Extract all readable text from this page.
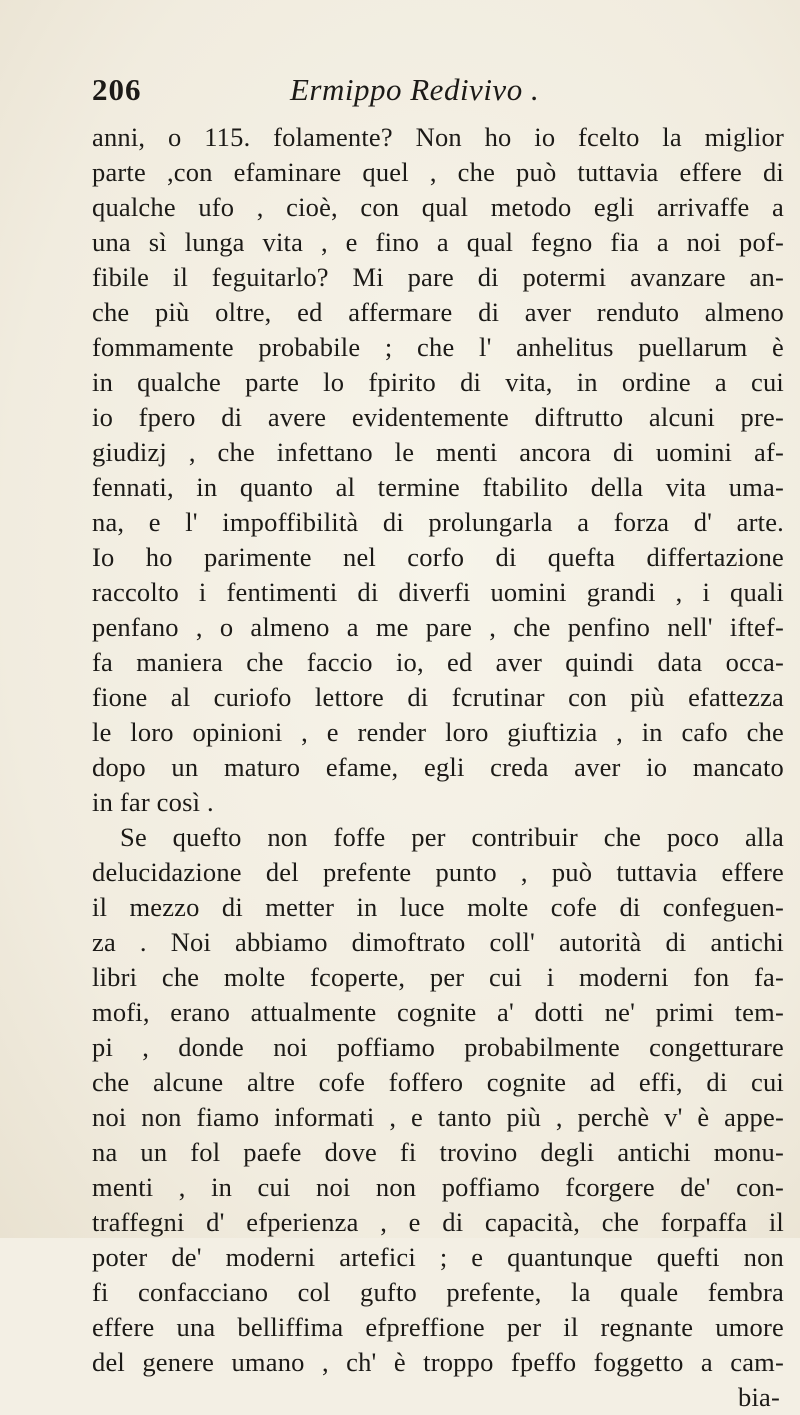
206	Ermippo Redivivo .
anni, o 115. folamente? Non ho io fcelto la miglior
parte ,con efaminare quel , che può tuttavia effere di
qualche ufo , cioè, con qual metodo egli arrivaffe a
una sì lunga vita , e fino a qual fegno fia a noi pof-
fibile il feguitarlo? Mi pare di potermi avanzare an-
che più oltre, ed affermare di aver renduto almeno
fommamente probabile ; che l' anhelitus puellarum è
in qualche parte lo fpirito di vita, in ordine a cui
io fpero di avere evidentemente diftrutto alcuni pre-
giudizj , che infettano le menti ancora di uomini af-
fennati, in quanto al termine ftabilito della vita uma-
na, e l' impoffibilità di prolungarla a forza d' arte.
Io ho parimente nel corfo di quefta differtazione
raccolto i fentimenti di diverfi uomini grandi , i quali
penfano , o almeno a me pare , che penfino nell' iftef-
fa maniera che faccio io, ed aver quindi data occa-
fione al curiofo lettore di fcrutinar con più efattezza
le loro opinioni , e render loro giuftizia , in cafo che
dopo un maturo efame, egli creda aver io mancato
in far così .
Se quefto non foffe per contribuir che poco alla
delucidazione del prefente punto , può tuttavia effere
il mezzo di metter in luce molte cofe di confeguen-
za . Noi abbiamo dimoftrato coll' autorità di antichi
libri che molte fcoperte, per cui i moderni fon fa-
mofi, erano attualmente cognite a' dotti ne' primi tem-
pi , donde noi poffiamo probabilmente congetturare
che alcune altre cofe foffero cognite ad effi, di cui
noi non fiamo informati , e tanto più , perchè v' è appe-
na un fol paefe dove fi trovino degli antichi monu-
menti , in cui noi non poffiamo fcorgere de' con-
traffegni d' efperienza , e di capacità, che forpaffa il
poter de' moderni artefici ; e quantunque quefti non
fi confacciano col gufto prefente, la quale fembra
effere una belliffima efpreffione per il regnante umore
del genere umano , ch' è troppo fpeffo foggetto a cam-
bia-
